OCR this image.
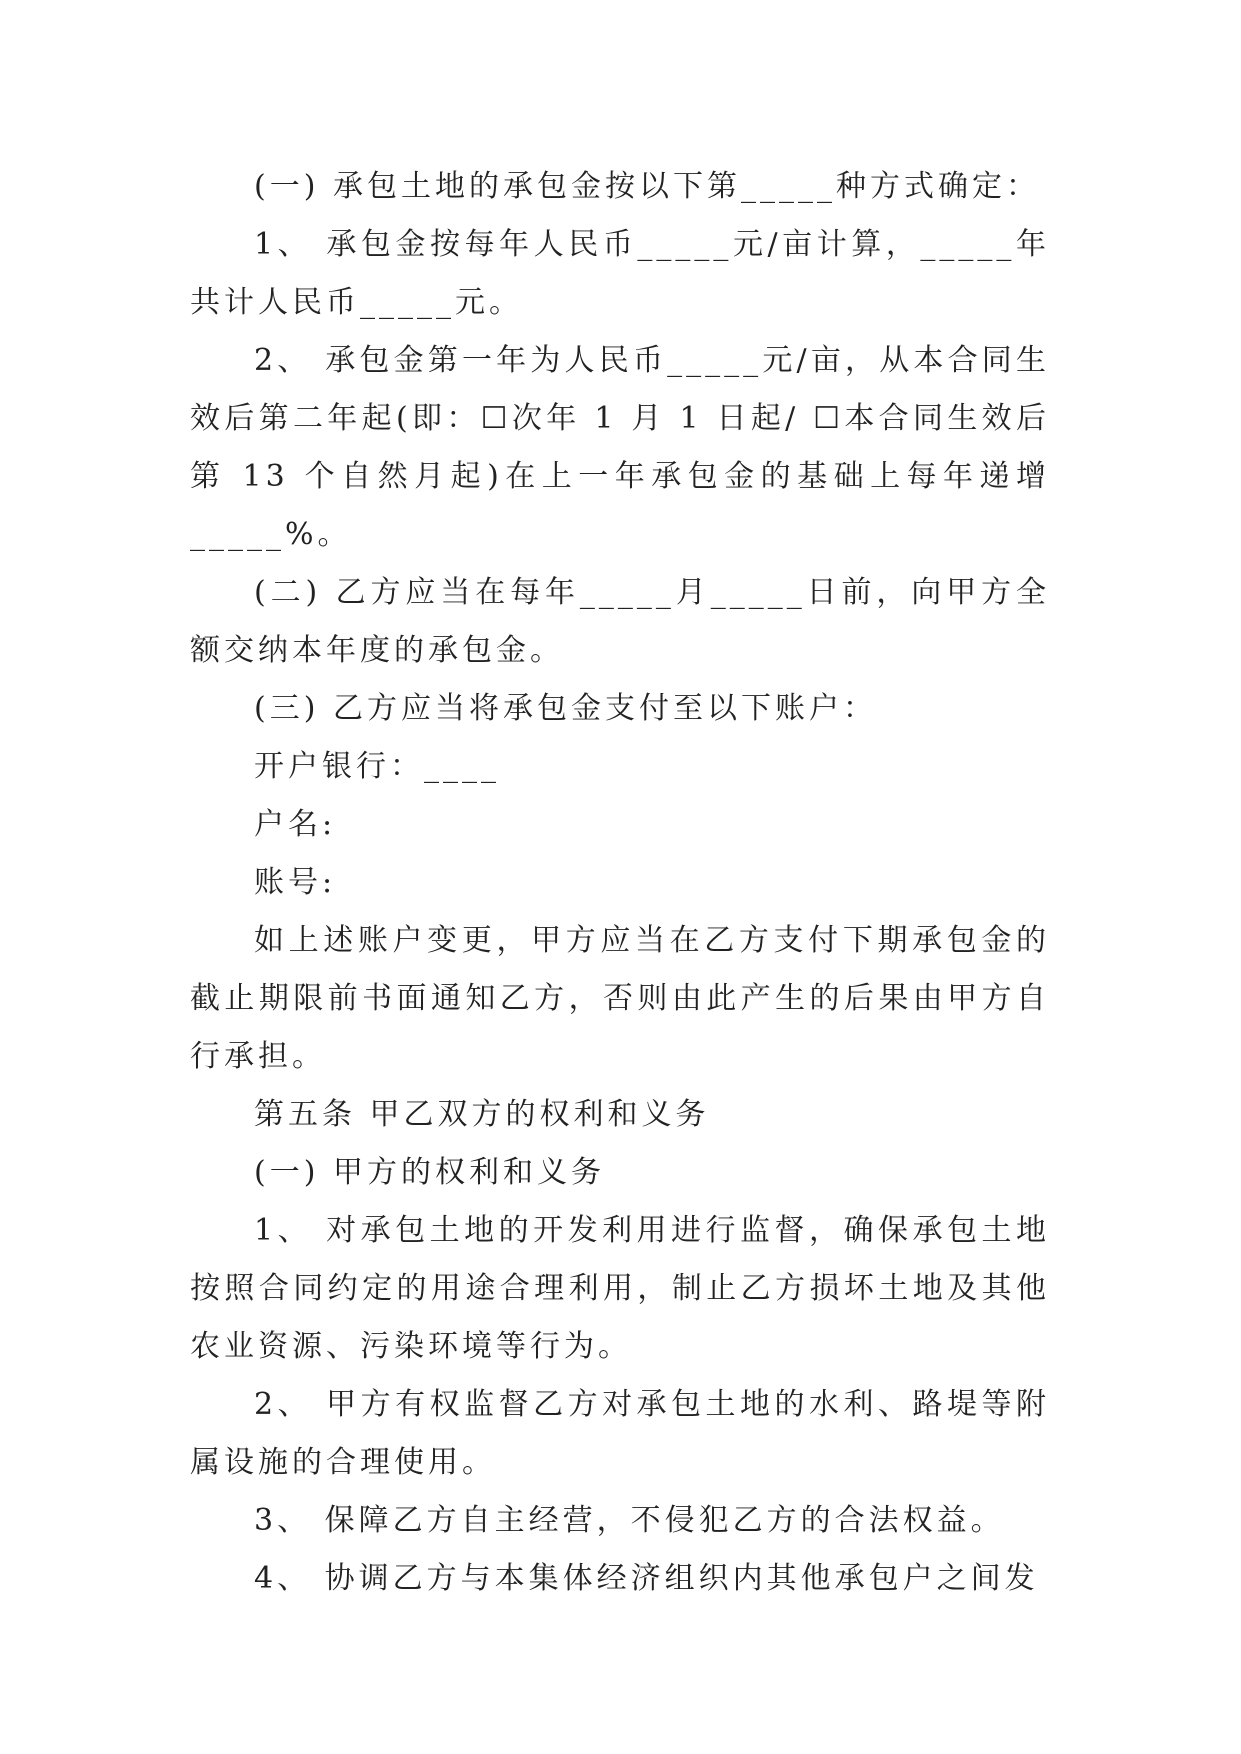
(一) 承包土地的承包金按以下第_____种方式确定：

1、 承包金按每年人民币_____元/亩计算，_____年共计人民币_____元。

2、 承包金第一年为人民币_____元/亩，从本合同生效后第二年起(即：☐次年 1 月 1 日起/ ☐本合同生效后第 13 个自然月起)在上一年承包金的基础上每年递增_____%。

(二) 乙方应当在每年_____月_____日前，向甲方全额交纳本年度的承包金。

(三) 乙方应当将承包金支付至以下账户：

开户银行：____

户名:

账号:

如上述账户变更，甲方应当在乙方支付下期承包金的截止期限前书面通知乙方，否则由此产生的后果由甲方自行承担。

第五条 甲乙双方的权利和义务

(一) 甲方的权利和义务

1、 对承包土地的开发利用进行监督，确保承包土地按照合同约定的用途合理利用，制止乙方损坏土地及其他农业资源、污染环境等行为。

2、 甲方有权监督乙方对承包土地的水利、路堤等附属设施的合理使用。

3、 保障乙方自主经营，不侵犯乙方的合法权益。

4、 协调乙方与本集体经济组织内其他承包户之间发
